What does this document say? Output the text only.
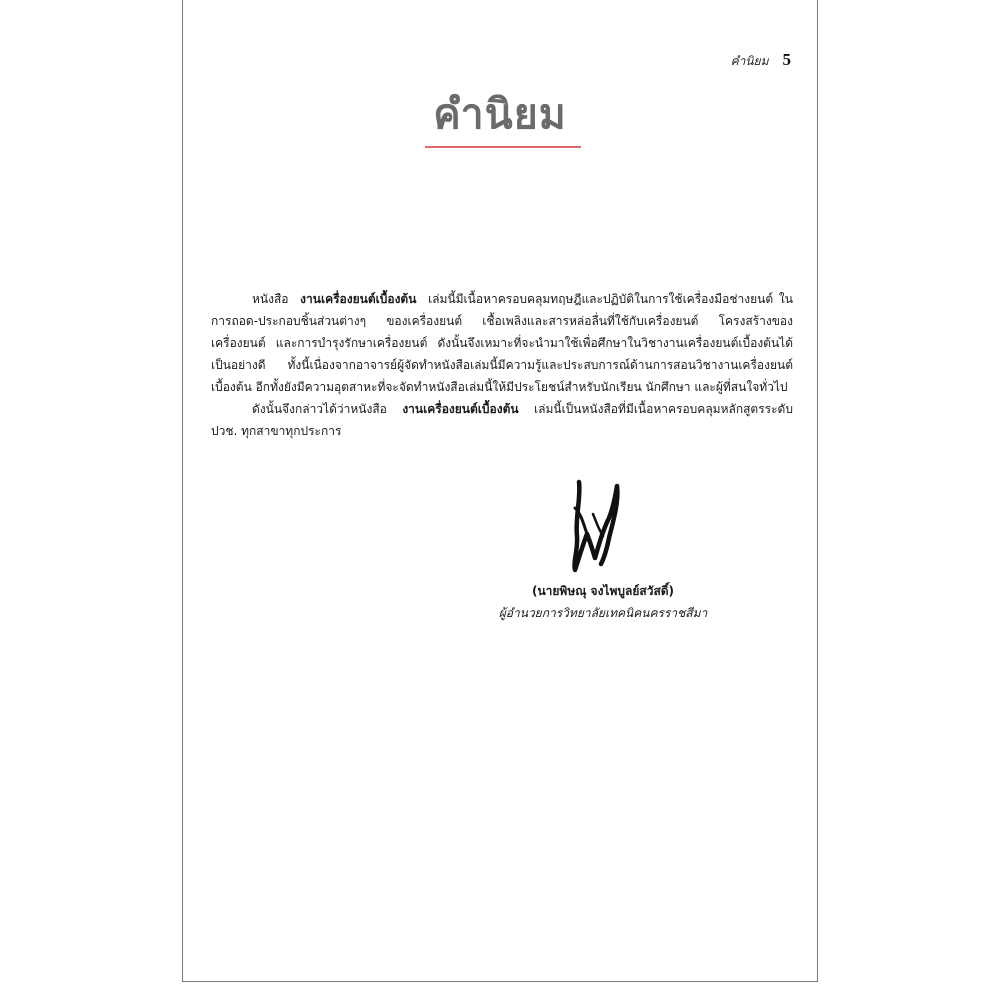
คำนิยม 5
คำนิยม

หนังสือ งานเครื่องยนต์เบื้องต้น เล่มนี้มีเนื้อหาครอบคลุมทฤษฎีและปฏิบัติในการใช้เครื่องมือช่างยนต์ ในการถอด-ประกอบชิ้นส่วนต่างๆ ของเครื่องยนต์ เชื้อเพลิงและสารหล่อลื่นที่ใช้กับเครื่องยนต์ โครงสร้างของเครื่องยนต์ และการบำรุงรักษาเครื่องยนต์ ดังนั้นจึงเหมาะที่จะนำมาใช้เพื่อศึกษาในวิชางานเครื่องยนต์เบื้องต้นได้เป็นอย่างดี ทั้งนี้เนื่องจากอาจารย์ผู้จัดทำหนังสือเล่มนี้มีความรู้และประสบการณ์ด้านการสอนวิชางานเครื่องยนต์เบื้องต้น อีกทั้งยังมีความอุตสาหะที่จะจัดทำหนังสือเล่มนี้ให้มีประโยชน์สำหรับนักเรียน นักศึกษา และผู้ที่สนใจทั่วไป

ดังนั้นจึงกล่าวได้ว่าหนังสือ งานเครื่องยนต์เบื้องต้น เล่มนี้เป็นหนังสือที่มีเนื้อหาครอบคลุมหลักสูตรระดับ ปวช. ทุกสาขาทุกประการ

(นายพิษณุ จงไพบูลย์สวัสดิ์)
ผู้อำนวยการวิทยาลัยเทคนิคนครราชสีมา
